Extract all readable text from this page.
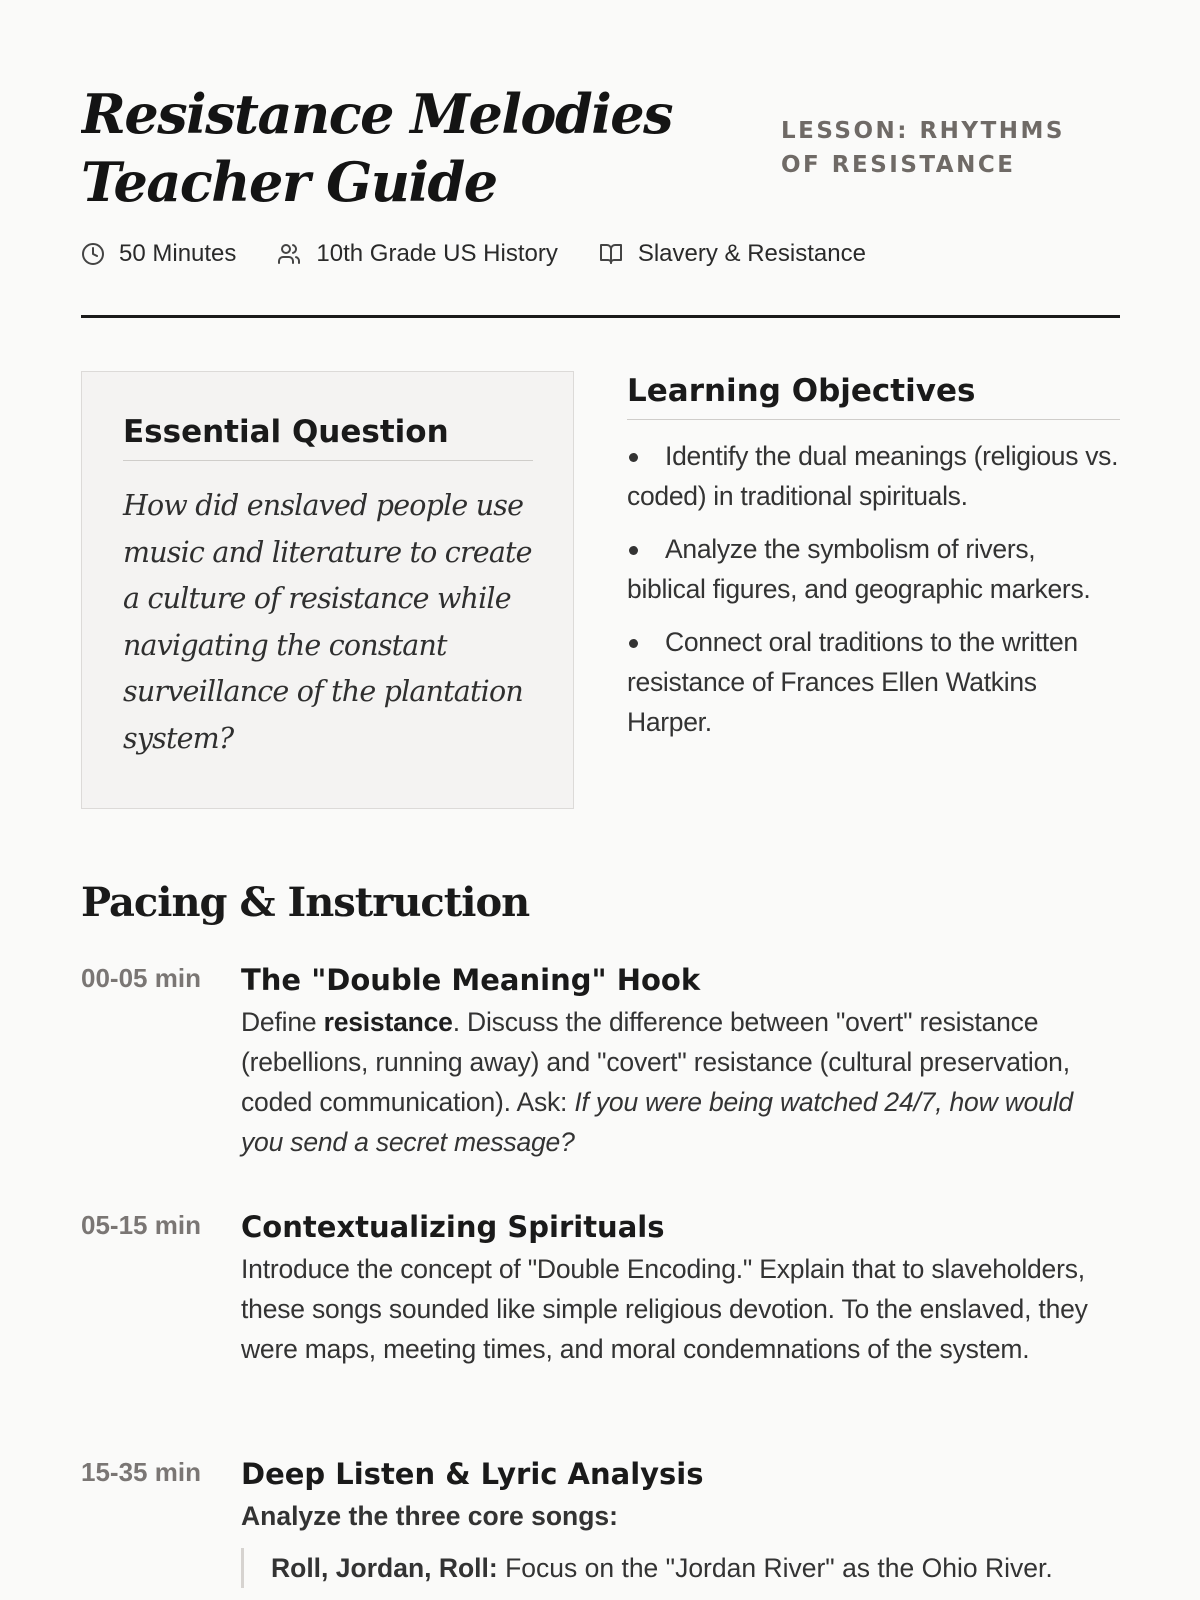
Resistance Melodies
Teacher Guide
LESSON: RHYTHMS OF RESISTANCE
50 Minutes	10th Grade US History	Slavery & Resistance
Essential Question

How did enslaved people use music and literature to create a culture of resistance while navigating the constant surveillance of the plantation system?

Learning Objectives
Identify the dual meanings (religious vs. coded) in traditional spirituals.
Analyze the symbolism of rivers, biblical figures, and geographic markers.
Connect oral traditions to the written resistance of Frances Ellen Watkins Harper.
Pacing & Instruction
00-05 min	The "Double Meaning" Hook

Define resistance. Discuss the difference between "overt" resistance (rebellions, running away) and "covert" resistance (cultural preservation, coded communication). Ask: If you were being watched 24/7, how would you send a secret message?

05-15 min	Contextualizing Spirituals

Introduce the concept of "Double Encoding." Explain that to slaveholders, these songs sounded like simple religious devotion. To the enslaved, they were maps, meeting times, and moral condemnations of the system.

15-35 min	Deep Listen & Lyric Analysis

Analyze the three core songs:

Roll, Jordan, Roll: Focus on the "Jordan River" as the Ohio River.
